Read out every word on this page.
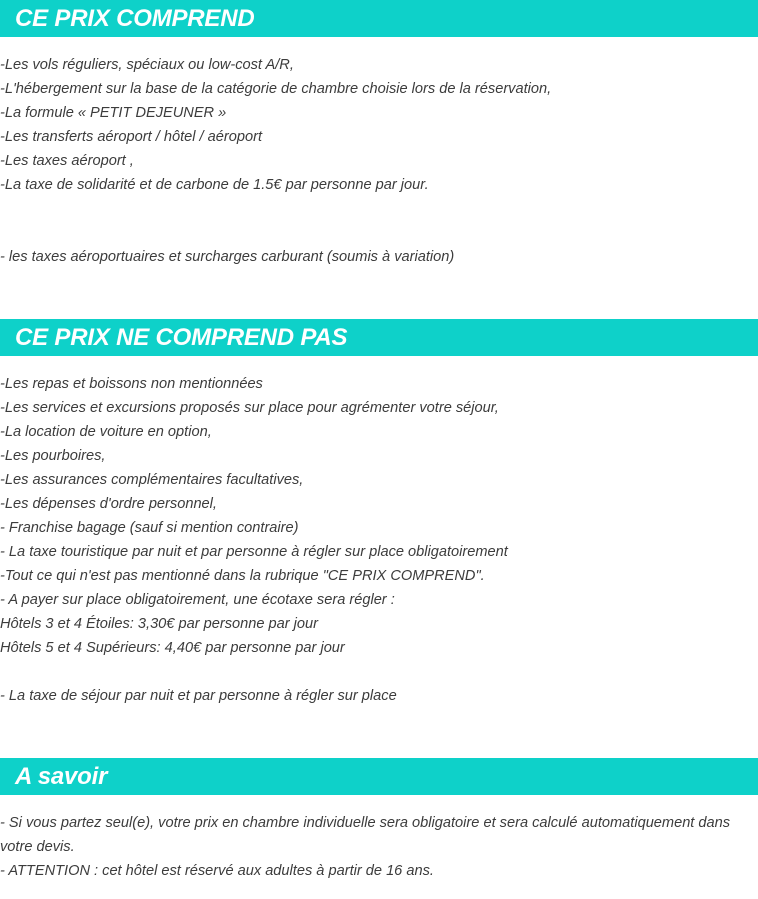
CE PRIX COMPREND
-Les vols réguliers, spéciaux ou low-cost A/R,
-L'hébergement sur la base de la catégorie de chambre choisie lors de la réservation,
-La formule « PETIT DEJEUNER »
-Les transferts aéroport / hôtel / aéroport
-Les taxes aéroport ,
-La taxe de solidarité et de carbone de 1.5€ par personne par jour.
- les taxes aéroportuaires et surcharges carburant (soumis à variation)
CE PRIX NE COMPREND PAS
-Les repas et boissons non mentionnées
-Les services et excursions proposés sur place pour agrémenter votre séjour,
-La location de voiture en option,
-Les pourboires,
-Les assurances complémentaires facultatives,
-Les dépenses d'ordre personnel,
- Franchise bagage (sauf si mention contraire)
- La taxe touristique par nuit et par personne à régler sur place obligatoirement
-Tout ce qui n'est pas mentionné dans la rubrique "CE PRIX COMPREND".
- A payer sur place obligatoirement, une écotaxe sera régler :
Hôtels 3 et 4 Étoiles: 3,30€ par personne par jour
Hôtels 5 et 4 Supérieurs: 4,40€ par personne par jour
- La taxe de séjour par nuit et par personne à régler sur place
A savoir
- Si vous partez seul(e), votre prix en chambre individuelle sera obligatoire et sera calculé automatiquement dans votre devis.
- ATTENTION : cet hôtel est réservé aux adultes à partir de 16 ans.
